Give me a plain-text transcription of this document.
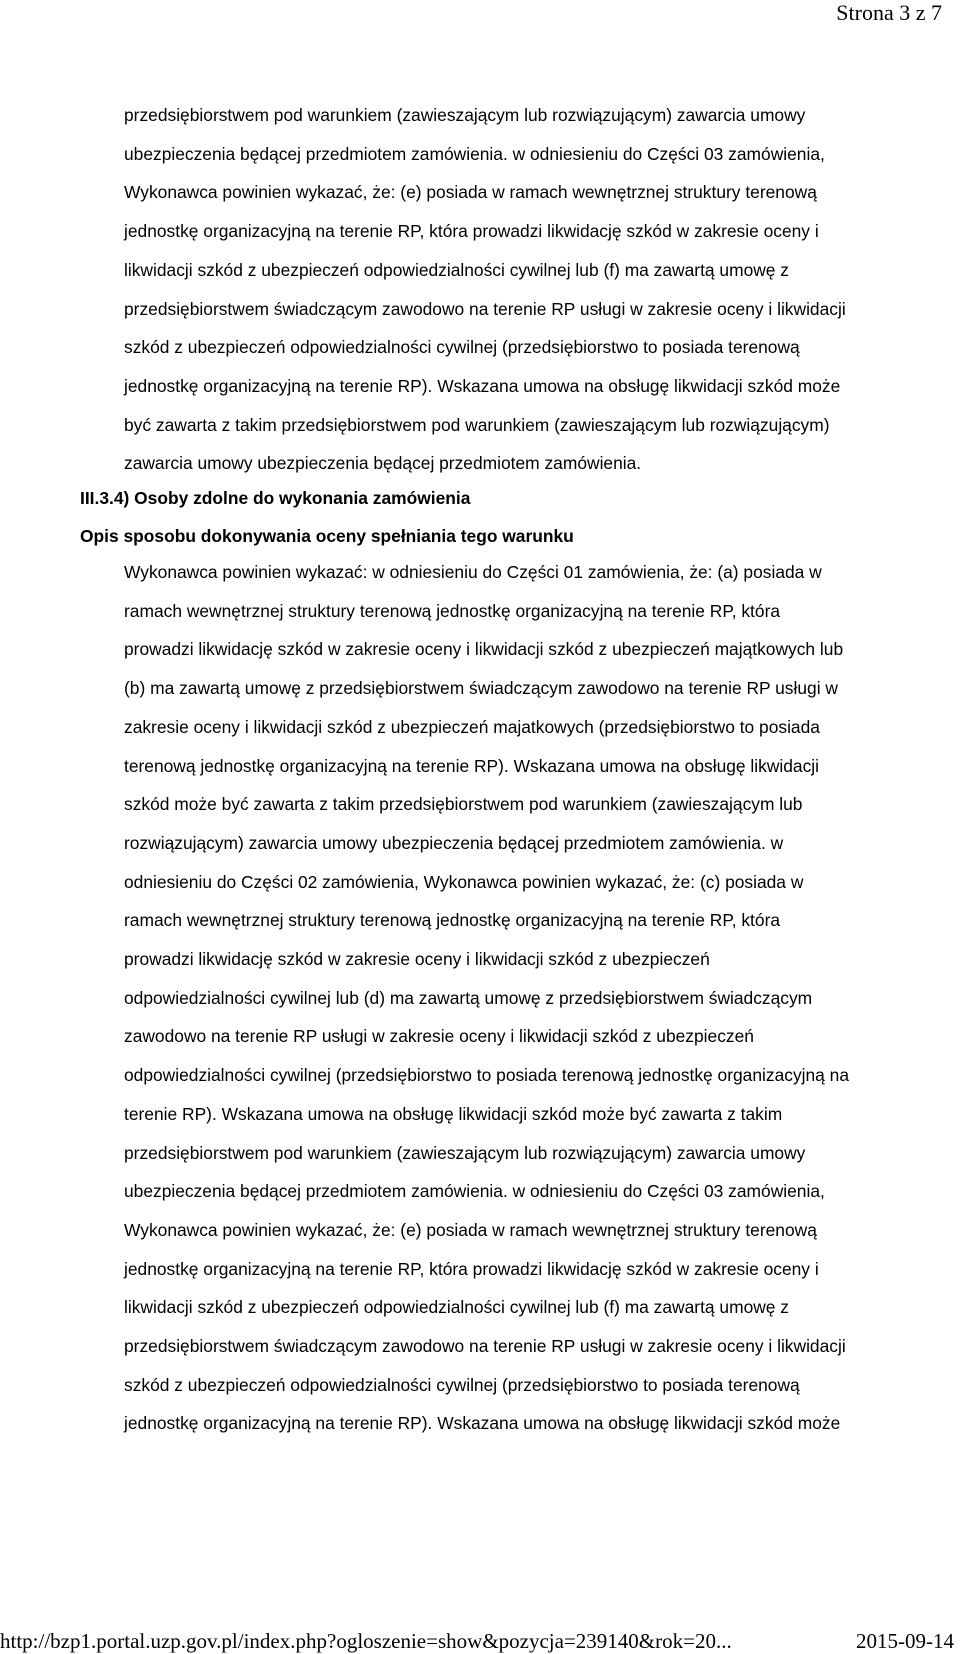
Strona 3 z 7
przedsiębiorstwem pod warunkiem (zawieszającym lub rozwiązującym) zawarcia umowy
ubezpieczenia będącej przedmiotem zamówienia. w odniesieniu do Części 03 zamówienia,
Wykonawca powinien wykazać, że: (e) posiada w ramach wewnętrznej struktury terenową
jednostkę organizacyjną na terenie RP, która prowadzi likwidację szkód w zakresie oceny i
likwidacji szkód z ubezpieczeń odpowiedzialności cywilnej lub (f) ma zawartą umowę z
przedsiębiorstwem świadczącym zawodowo na terenie RP usługi w zakresie oceny i likwidacji
szkód z ubezpieczeń odpowiedzialności cywilnej (przedsiębiorstwo to posiada terenową
jednostkę organizacyjną na terenie RP). Wskazana umowa na obsługę likwidacji szkód może
być zawarta z takim przedsiębiorstwem pod warunkiem (zawieszającym lub rozwiązującym)
zawarcia umowy ubezpieczenia będącej przedmiotem zamówienia.
III.3.4) Osoby zdolne do wykonania zamówienia
Opis sposobu dokonywania oceny spełniania tego warunku
Wykonawca powinien wykazać: w odniesieniu do Części 01 zamówienia, że: (a) posiada w
ramach wewnętrznej struktury terenową jednostkę organizacyjną na terenie RP, która
prowadzi likwidację szkód w zakresie oceny i likwidacji szkód z ubezpieczeń majątkowych lub
(b) ma zawartą umowę z przedsiębiorstwem świadczącym zawodowo na terenie RP usługi w
zakresie oceny i likwidacji szkód z ubezpieczeń majatkowych (przedsiębiorstwo to posiada
terenową jednostkę organizacyjną na terenie RP). Wskazana umowa na obsługę likwidacji
szkód może być zawarta z takim przedsiębiorstwem pod warunkiem (zawieszającym lub
rozwiązującym) zawarcia umowy ubezpieczenia będącej przedmiotem zamówienia. w
odniesieniu do Części 02 zamówienia, Wykonawca powinien wykazać, że: (c) posiada w
ramach wewnętrznej struktury terenową jednostkę organizacyjną na terenie RP, która
prowadzi likwidację szkód w zakresie oceny i likwidacji szkód z ubezpieczeń
odpowiedzialności cywilnej lub (d) ma zawartą umowę z przedsiębiorstwem świadczącym
zawodowo na terenie RP usługi w zakresie oceny i likwidacji szkód z ubezpieczeń
odpowiedzialności cywilnej (przedsiębiorstwo to posiada terenową jednostkę organizacyjną na
terenie RP). Wskazana umowa na obsługę likwidacji szkód może być zawarta z takim
przedsiębiorstwem pod warunkiem (zawieszającym lub rozwiązującym) zawarcia umowy
ubezpieczenia będącej przedmiotem zamówienia. w odniesieniu do Części 03 zamówienia,
Wykonawca powinien wykazać, że: (e) posiada w ramach wewnętrznej struktury terenową
jednostkę organizacyjną na terenie RP, która prowadzi likwidację szkód w zakresie oceny i
likwidacji szkód z ubezpieczeń odpowiedzialności cywilnej lub (f) ma zawartą umowę z
przedsiębiorstwem świadczącym zawodowo na terenie RP usługi w zakresie oceny i likwidacji
szkód z ubezpieczeń odpowiedzialności cywilnej (przedsiębiorstwo to posiada terenową
jednostkę organizacyjną na terenie RP). Wskazana umowa na obsługę likwidacji szkód może
http://bzp1.portal.uzp.gov.pl/index.php?ogloszenie=show&pozycja=239140&rok=20...	2015-09-14
